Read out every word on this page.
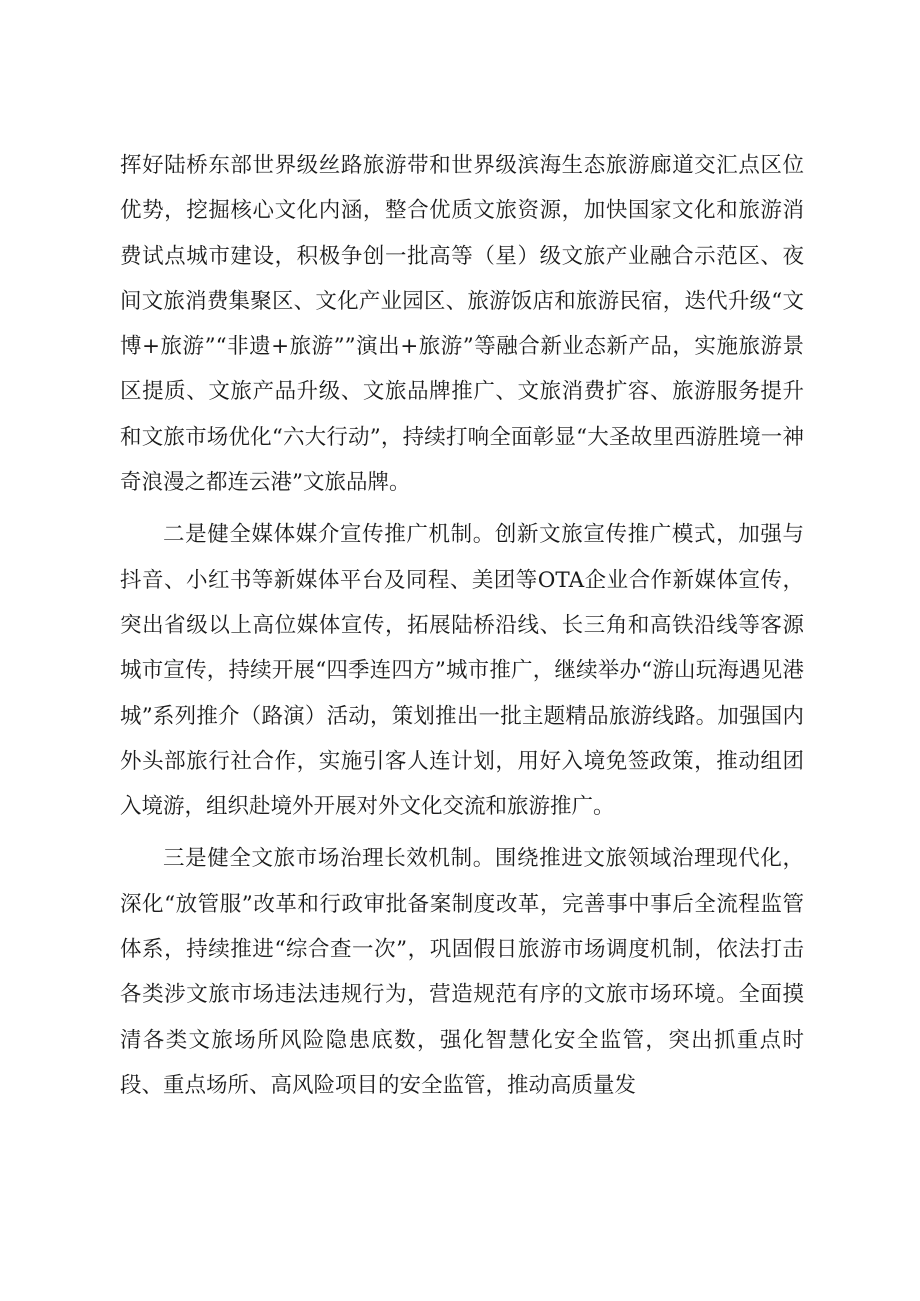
挥好陆桥东部世界级丝路旅游带和世界级滨海生态旅游廊道交汇点区位优势，挖掘核心文化内涵，整合优质文旅资源，加快国家文化和旅游消费试点城市建设，积极争创一批高等（星）级文旅产业融合示范区、夜间文旅消费集聚区、文化产业园区、旅游饭店和旅游民宿，迭代升级“文博+旅游”“非遗+旅游””演出+旅游”等融合新业态新产品，实施旅游景区提质、文旅产品升级、文旅品牌推广、文旅消费扩容、旅游服务提升和文旅市场优化“六大行动”，持续打响全面彰显“大圣故里西游胜境一神奇浪漫之都连云港”文旅品牌。

二是健全媒体媒介宣传推广机制。创新文旅宣传推广模式，加强与抖音、小红书等新媒体平台及同程、美团等OTA企业合作新媒体宣传，突出省级以上高位媒体宣传，拓展陆桥沿线、长三角和高铁沿线等客源城市宣传，持续开展“四季连四方”城市推广，继续举办“游山玩海遇见港城”系列推介（路演）活动，策划推出一批主题精品旅游线路。加强国内外头部旅行社合作，实施引客人连计划，用好入境免签政策，推动组团入境游，组织赴境外开展对外文化交流和旅游推广。

三是健全文旅市场治理长效机制。围绕推进文旅领域治理现代化，深化“放管服”改革和行政审批备案制度改革，完善事中事后全流程监管体系，持续推进“综合查一次”，巩固假日旅游市场调度机制，依法打击各类涉文旅市场违法违规行为，营造规范有序的文旅市场环境。全面摸清各类文旅场所风险隐患底数，强化智慧化安全监管，突出抓重点时段、重点场所、高风险项目的安全监管，推动高质量发
